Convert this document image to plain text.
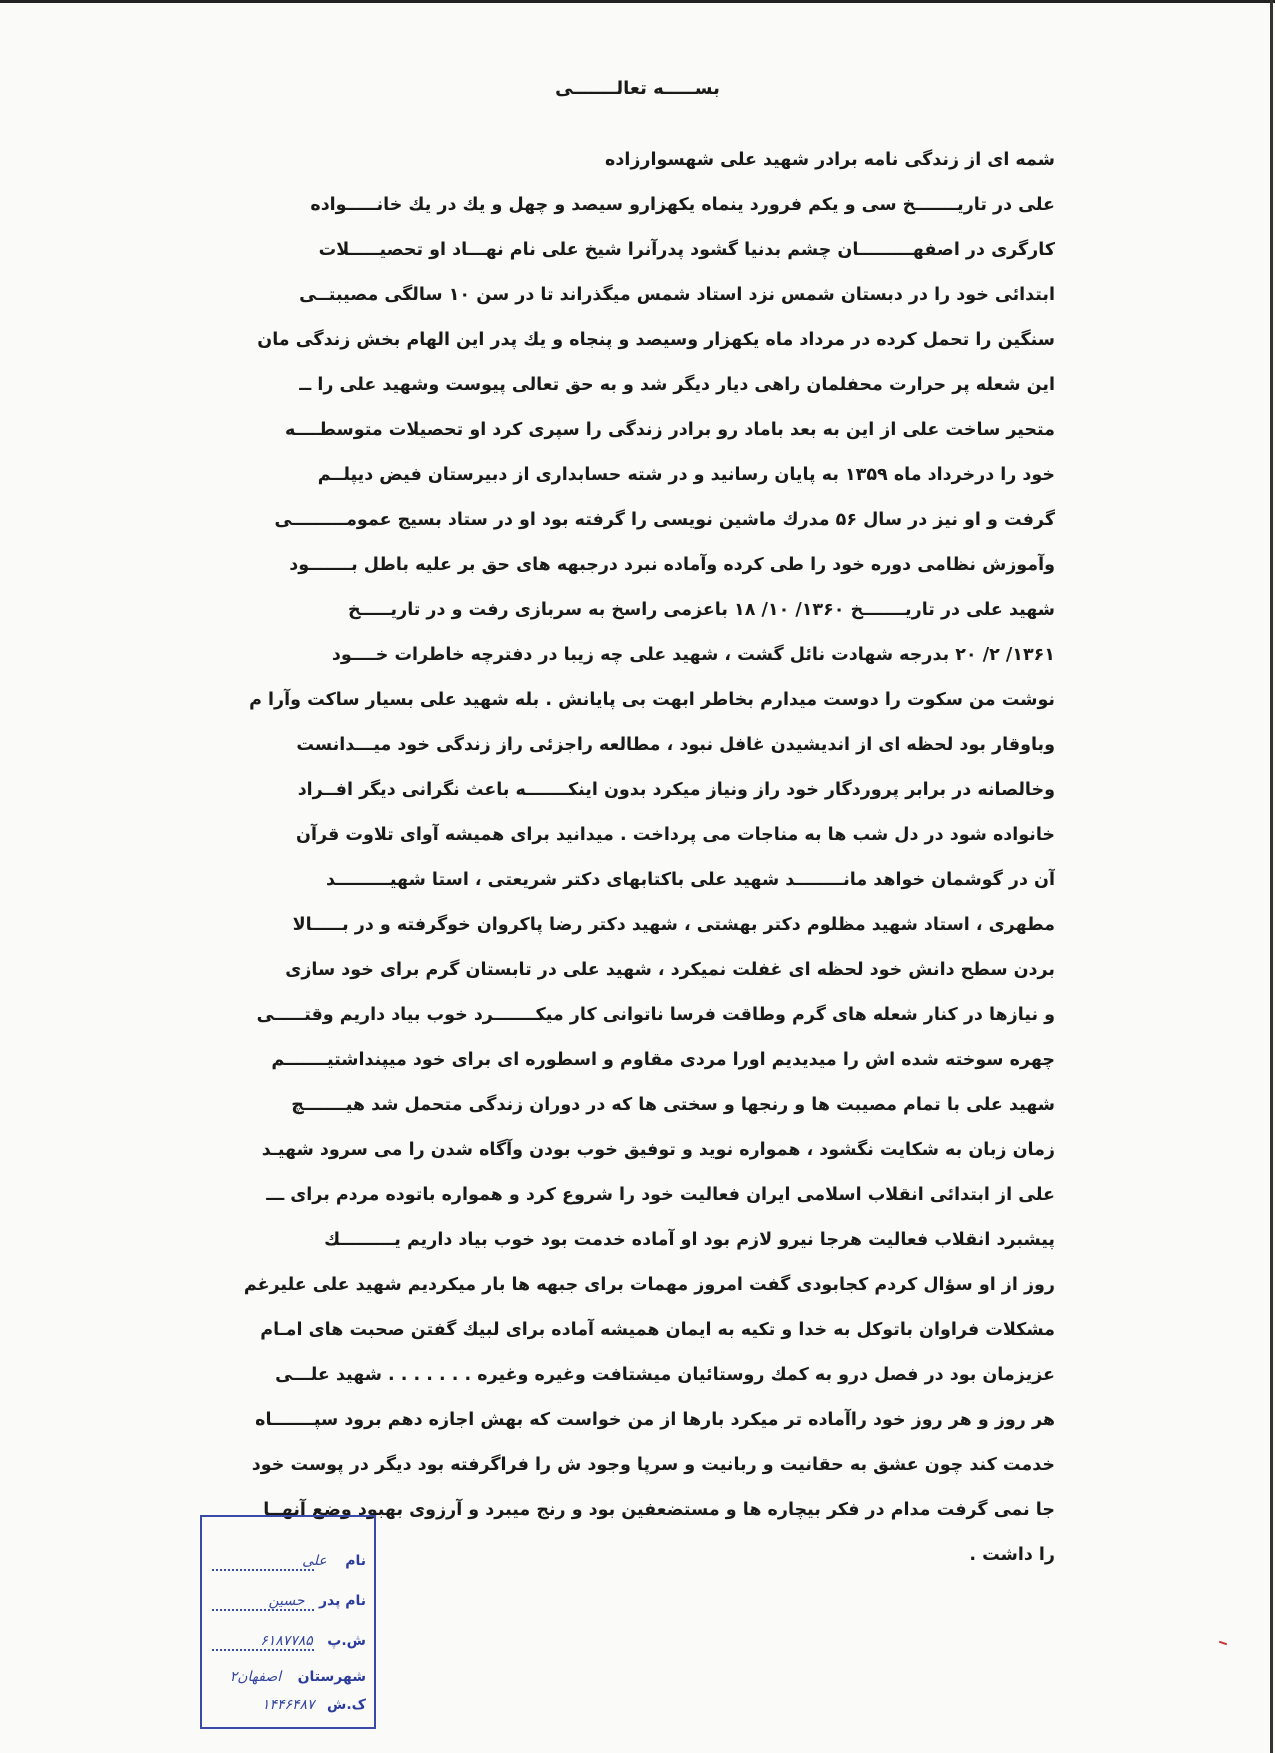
بســـــه تعالـــــــی
شمه ای از زندگی نامه برادر شهید علی شهسوارزاده
علی در تاریـــــــخ سی و یکم فرورد ینماه یکهزارو سیصد و چهل و یك در یك خانـــــواده
کارگری در اصفهـــــــــان چشم بدنیا گشود پدرآنرا شیخ علی نام نهـــاد او تحصیـــــلات
ابتدائی خود را در دبستان شمس نزد استاد شمس میگذراند تا در سن ۱۰ سالگی مصیبتــی
سنگین را تحمل کرده در مرداد ماه یکهزار وسیصد و پنجاه و یك پدر این الهام بخش زندگی مان
این شعله پر حرارت محفلمان راهی دیار دیگر شد و به حق تعالی پیوست وشهید علی را ــ
متحیر ساخت علی از این به بعد باماد رو برادر زندگی را سپری کرد او تحصیلات متوسطــــه
خود را درخرداد ماه ۱۳۵۹ به پایان رسانید و در شته حسابداری از دبیرستان فیض دیپلــم
گرفت و او نیز در سال ۵۶ مدرك ماشین نویسی را گرفته بود او در ستاد بسیج عمومـــــــــی
وآموزش نظامی دوره خود را طی کرده وآماده نبرد درجبهه های حق بر علیه باطل بـــــــود
شهید علی در تاریـــــــخ ۱۳۶۰/ ۱۰/ ۱۸ باعزمی راسخ به سربازی رفت و در تاریـــــخ
۱۳۶۱/ ۲/ ۲۰ بدرجه شهادت نائل گشت ، شهید علی چه زیبا در دفترچه خاطرات خــــود
نوشت من سکوت را دوست میدارم بخاطر ابهت بی پایانش . بله شهید علی بسیار ساکت وآرا م
وباوقار بود لحظه ای از اندیشیدن غافل نبود ، مطالعه راجزئی راز زندگی خود میـــدانست
وخالصانه در برابر پروردگار خود راز ونیاز میکرد بدون اینکـــــــه باعث نگرانی دیگر افــراد
خانواده شود در دل شب ها به مناجات می پرداخت . میدانید برای همیشه آوای تلاوت قرآن
آن در گوشمان خواهد مانــــــــد شهید علی باکتابهای دکتر شریعتی ، استا شهیـــــــــد
مطهری ، استاد شهید مظلوم دکتر بهشتی ، شهید دکتر رضا پاکروان خوگرفته و در بـــــالا
بردن سطح دانش خود لحظه ای غفلت نمیکرد ، شهید علی در تابستان گرم برای خود سازی
و نیازها در کنار شعله های گرم وطاقت فرسا ناتوانی کار میکـــــــرد خوب بیاد داریم وقتـــــی
چهره سوخته شده اش را میدیدیم اورا مردی مقاوم و اسطوره ای برای خود میپنداشتیـــــــم
شهید علی با تمام مصیبت ها و رنجها و سختی ها که در دوران زندگی متحمل شد هیـــــــچ
زمان زبان به شکایت نگشود ، همواره نوید و توفیق خوب بودن وآگاه شدن را می سرود شهیـد
علی از ابتدائی انقلاب اسلامی ایران فعالیت خود را شروع کرد و همواره باتوده مردم برای ـــ
پیشبرد انقلاب فعالیت هرجا نیرو لازم بود او آماده خدمت بود خوب بیاد داریم یـــــــــك
روز از او سؤال کردم کجابودی گفت امروز مهمات برای جبهه ها بار میکردیم شهید علی علیرغم
مشکلات فراوان باتوکل به خدا و تکیه به ایمان همیشه آماده برای لبیك گفتن صحبت های امـام
عزیزمان بود در فصل درو به کمك روستائیان میشتافت وغیره وغیره . . . . . . . شهید علـــی
هر روز و هر روز خود راآماده تر میکرد بارها از من خواست که بهش اجازه دهم برود سپـــــــاه
خدمت کند چون عشق به حقانیت و ربانیت و سرپا وجود ش را فراگرفته بود دیگر در پوست خود
جا نمی گرفت مدام در فکر بیچاره ها و مستضعفین بود و رنج میبرد و آرزوی بهبود وضع آنهــا
را داشت .
نام علی
نام پدر حسین
ش.پ ۶۱۸۷۷۸۵
شهرستان اصفهان۲
ک.ش ۱۴۴۶۴۸۷
